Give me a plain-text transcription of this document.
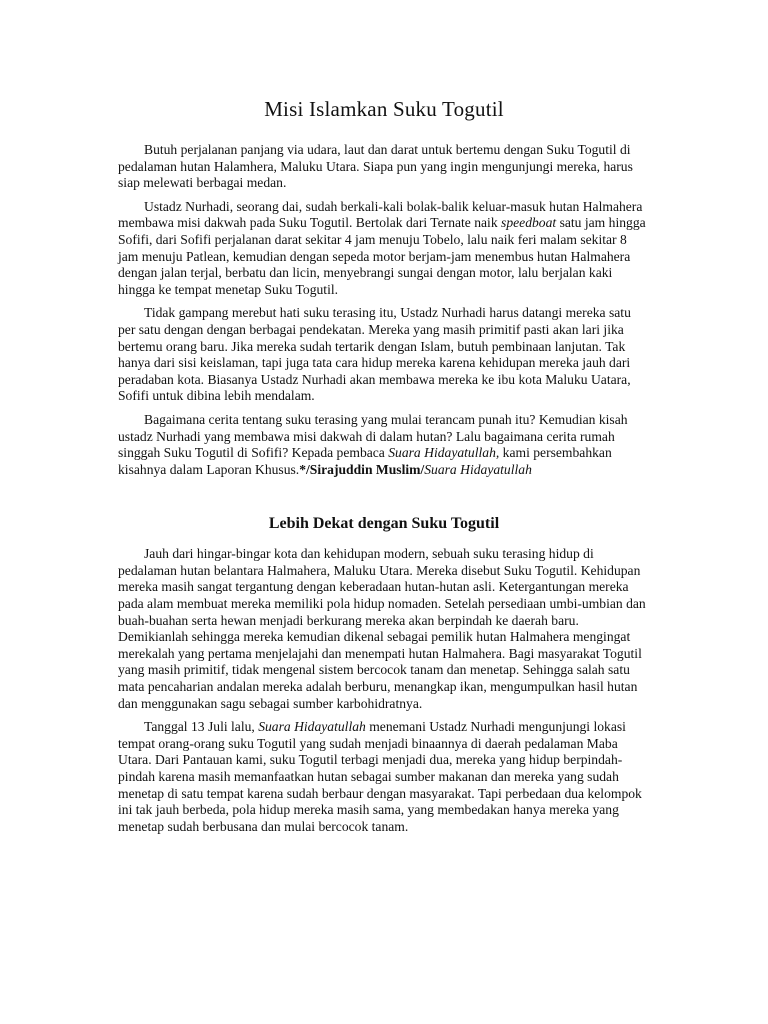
Misi Islamkan Suku Togutil

Butuh perjalanan panjang via udara, laut dan darat untuk bertemu dengan Suku Togutil di pedalaman hutan Halamhera, Maluku Utara. Siapa pun yang ingin mengunjungi mereka, harus siap melewati berbagai medan.

Ustadz Nurhadi, seorang dai, sudah berkali-kali bolak-balik keluar-masuk hutan Halmahera membawa misi dakwah pada Suku Togutil. Bertolak dari Ternate naik speedboat satu jam hingga Sofifi, dari Sofifi perjalanan darat sekitar 4 jam menuju Tobelo, lalu naik feri malam sekitar 8 jam menuju Patlean, kemudian dengan sepeda motor berjam-jam menembus hutan Halmahera dengan jalan terjal, berbatu dan licin, menyebrangi sungai dengan motor, lalu berjalan kaki hingga ke tempat menetap Suku Togutil.

Tidak gampang merebut hati suku terasing itu, Ustadz Nurhadi harus datangi mereka satu per satu dengan dengan berbagai pendekatan. Mereka yang masih primitif pasti akan lari jika bertemu orang baru. Jika mereka sudah tertarik dengan Islam, butuh pembinaan lanjutan. Tak hanya dari sisi keislaman, tapi juga tata cara hidup mereka karena kehidupan mereka jauh dari peradaban kota. Biasanya Ustadz Nurhadi akan membawa mereka ke ibu kota Maluku Uatara, Sofifi untuk dibina lebih mendalam.

Bagaimana cerita tentang suku terasing yang mulai terancam punah itu? Kemudian kisah ustadz Nurhadi yang membawa misi dakwah di dalam hutan? Lalu bagaimana cerita rumah singgah Suku Togutil di Sofifi? Kepada pembaca Suara Hidayatullah, kami persembahkan kisahnya dalam Laporan Khusus.*/Sirajuddin Muslim/Suara Hidayatullah

Lebih Dekat dengan Suku Togutil

Jauh dari hingar-bingar kota dan kehidupan modern, sebuah suku terasing hidup di pedalaman hutan belantara Halmahera, Maluku Utara. Mereka disebut Suku Togutil. Kehidupan mereka masih sangat tergantung dengan keberadaan hutan-hutan asli. Ketergantungan mereka pada alam membuat mereka memiliki pola hidup nomaden. Setelah persediaan umbi-umbian dan buah-buahan serta hewan menjadi berkurang mereka akan berpindah ke daerah baru. Demikianlah sehingga mereka kemudian dikenal sebagai pemilik hutan Halmahera mengingat merekalah yang pertama menjelajahi dan menempati hutan Halmahera. Bagi masyarakat Togutil yang masih primitif, tidak mengenal sistem bercocok tanam dan menetap. Sehingga salah satu mata pencaharian andalan mereka adalah berburu, menangkap ikan, mengumpulkan hasil hutan dan menggunakan sagu sebagai sumber karbohidratnya.

Tanggal 13 Juli lalu, Suara Hidayatullah menemani Ustadz Nurhadi mengunjungi lokasi tempat orang-orang suku Togutil yang sudah menjadi binaannya di daerah pedalaman Maba Utara. Dari Pantauan kami, suku Togutil terbagi menjadi dua, mereka yang hidup berpindah-pindah karena masih memanfaatkan hutan sebagai sumber makanan dan mereka yang sudah menetap di satu tempat karena sudah berbaur dengan masyarakat. Tapi perbedaan dua kelompok ini tak jauh berbeda, pola hidup mereka masih sama, yang membedakan hanya mereka yang menetap sudah berbusana dan mulai bercocok tanam.
